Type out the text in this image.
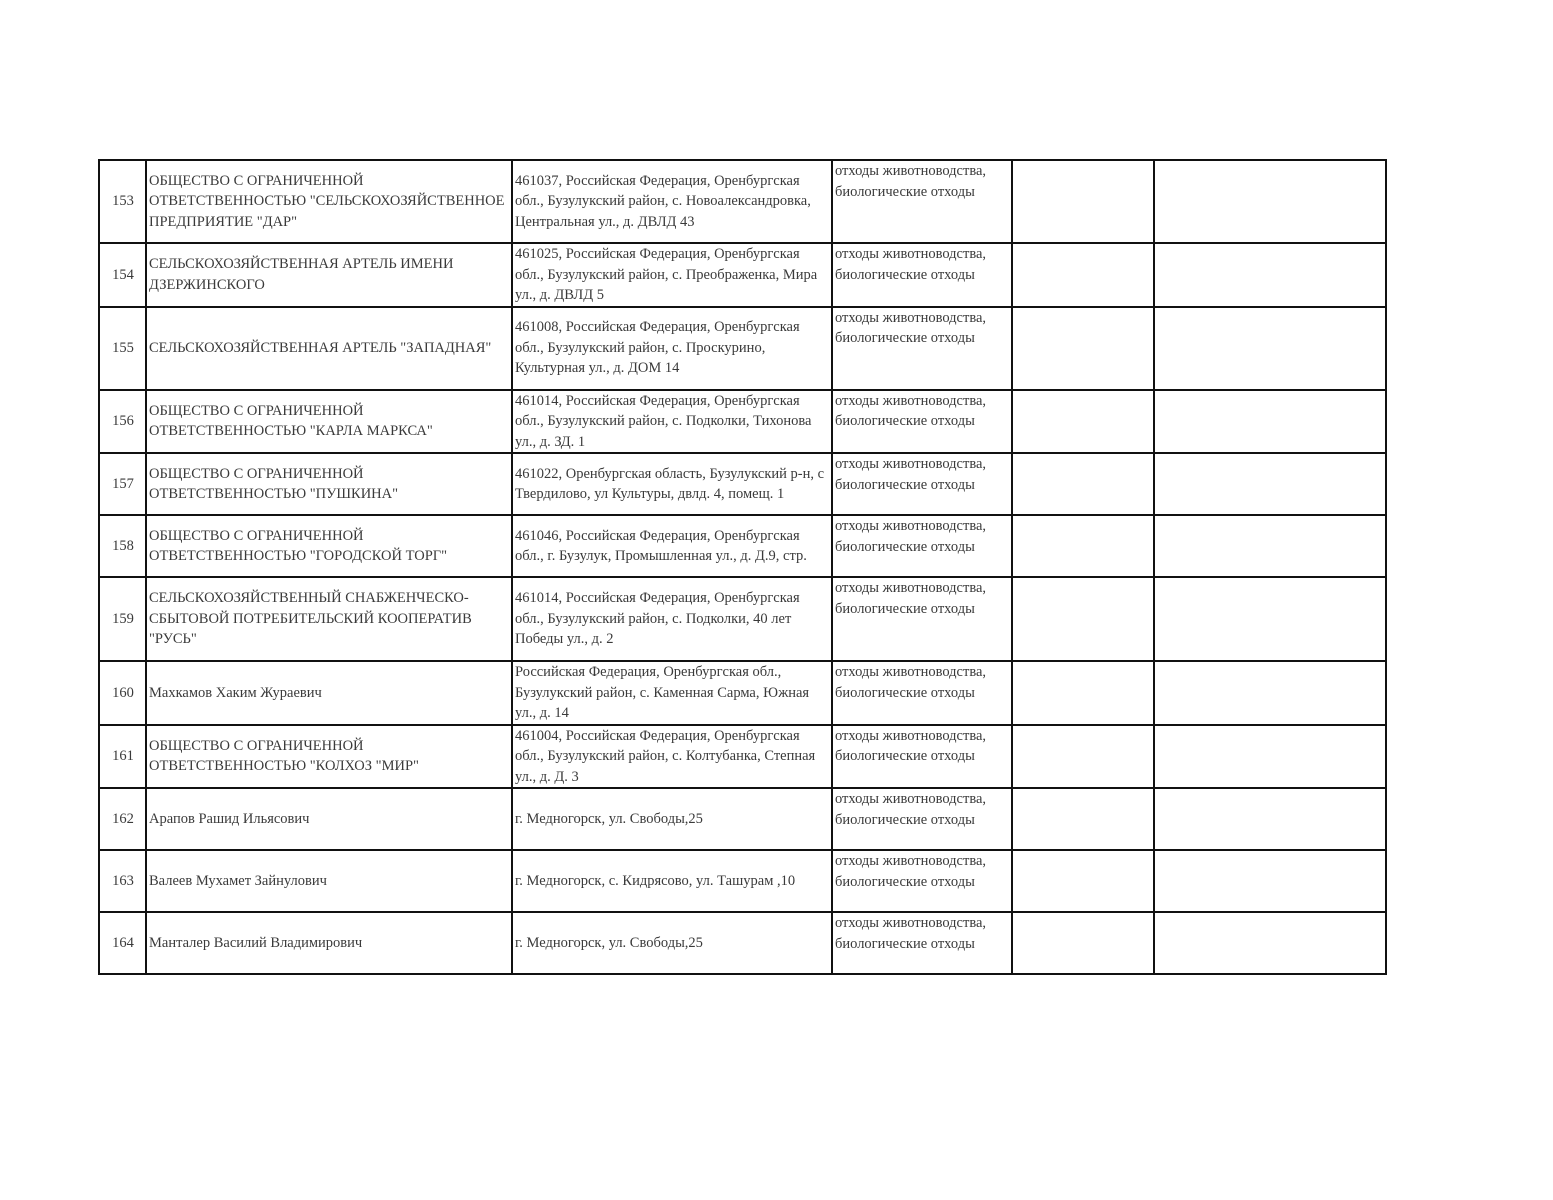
153	ОБЩЕСТВО С ОГРАНИЧЕННОЙ ОТВЕТСТВЕННОСТЬЮ "СЕЛЬСКОХОЗЯЙСТВЕННОЕ ПРЕДПРИЯТИЕ "ДАР"	461037, Российская Федерация, Оренбургская обл., Бузулукский район, с. Новоалександровка, Центральная ул., д. ДВЛД 43	отходы животноводства, биологические отходы		
154	СЕЛЬСКОХОЗЯЙСТВЕННАЯ АРТЕЛЬ ИМЕНИ ДЗЕРЖИНСКОГО	461025, Российская Федерация, Оренбургская обл., Бузулукский район, с. Преображенка, Мира ул., д. ДВЛД 5	отходы животноводства, биологические отходы		
155	СЕЛЬСКОХОЗЯЙСТВЕННАЯ АРТЕЛЬ "ЗАПАДНАЯ"	461008, Российская Федерация, Оренбургская обл., Бузулукский район, с. Проскурино, Культурная ул., д. ДОМ 14	отходы животноводства, биологические отходы		
156	ОБЩЕСТВО С ОГРАНИЧЕННОЙ ОТВЕТСТВЕННОСТЬЮ "КАРЛА МАРКСА"	461014, Российская Федерация, Оренбургская обл., Бузулукский район, с. Подколки, Тихонова ул., д. ЗД. 1	отходы животноводства, биологические отходы		
157	ОБЩЕСТВО С ОГРАНИЧЕННОЙ ОТВЕТСТВЕННОСТЬЮ "ПУШКИНА"	461022, Оренбургская область, Бузулукский р-н, с Твердилово, ул Культуры, двлд. 4, помещ. 1	отходы животноводства, биологические отходы		
158	ОБЩЕСТВО С ОГРАНИЧЕННОЙ ОТВЕТСТВЕННОСТЬЮ "ГОРОДСКОЙ ТОРГ"	461046, Российская Федерация, Оренбургская обл., г. Бузулук, Промышленная ул., д. Д.9, стр.	отходы животноводства, биологические отходы		
159	СЕЛЬСКОХОЗЯЙСТВЕННЫЙ СНАБЖЕНЧЕСКО-СБЫТОВОЙ ПОТРЕБИТЕЛЬСКИЙ КООПЕРАТИВ "РУСЬ"	461014, Российская Федерация, Оренбургская обл., Бузулукский район, с. Подколки, 40 лет Победы ул., д. 2	отходы животноводства, биологические отходы		
160	Махкамов Хаким Жураевич	Российская Федерация, Оренбургская обл., Бузулукский район, с. Каменная Сарма, Южная ул., д. 14	отходы животноводства, биологические отходы		
161	ОБЩЕСТВО С ОГРАНИЧЕННОЙ ОТВЕТСТВЕННОСТЬЮ "КОЛХОЗ "МИР"	461004, Российская Федерация, Оренбургская обл., Бузулукский район, с. Колтубанка, Степная ул., д. Д. 3	отходы животноводства, биологические отходы		
162	Арапов Рашид Ильясович	г. Медногорск, ул. Свободы,25	отходы животноводства, биологические отходы		
163	Валеев Мухамет Зайнулович	г. Медногорск, с. Кидрясово, ул. Ташурам ,10	отходы животноводства, биологические отходы		
164	Манталер Василий Владимирович	г. Медногорск, ул. Свободы,25	отходы животноводства, биологические отходы		
